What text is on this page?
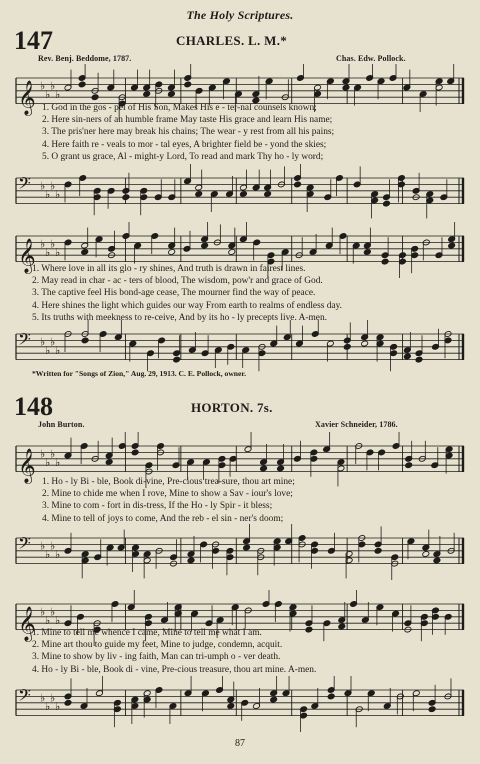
The Holy Scriptures.
147	CHARLES. L. M.*
Rev. Benj. Beddome, 1787.	Chas. Edw. Pollock.
𝄞 ♭
♭
♭
♭
1. God in the gos - pel of His Son, Makes His e - ter-nal counsels known;
2. Here sin-ners of an humble frame May taste His grace and learn His name;
3. The pris'ner here may break his chains; The wear - y rest from all his pains;
4. Here faith re - veals to mor - tal eyes, A brighter field be - yond the skies;
5. O grant us grace, Al - might-y Lord, To read and mark Thy ho - ly word;
𝄢 ♭
♭
♭
♭
𝄞 ♭
♭
♭
♭
1. Where love in all its glo - ry shines, And truth is drawn in fairest lines.
2. May read in char - ac - ters of blood, The wisdom, pow'r and grace of God.
3. The captive feel His bond-age cease, The mourner find the way of peace.
4. Here shines the light which guides our way From earth to realms of endless day.
5. Its truths with meekness to re-ceive, And by its ho - ly precepts live. A-men.
𝄢 ♭
♭
♭
♭
*Written for "Songs of Zion," Aug. 29, 1913. C. E. Pollock, owner.
148	HORTON. 7s.
John Burton.	Xavier Schneider, 1786.
𝄞 ♭
♭
♭
♭
1. Ho - ly Bi - ble, Book di-vine, Pre-cious trea-sure, thou art mine;
2. Mine to chide me when I rove, Mine to show a Sav - iour's love;
3. Mine to com - fort in dis-tress, If the Ho - ly Spir - it bless;
4. Mine to tell of joys to come, And the reb - el sin - ner's doom;
𝄢 ♭
♭
♭
♭
𝄞 ♭
♭
♭
♭
1. Mine to tell me whence I came, Mine to tell me what I am.
2. Mine art thou to guide my feet, Mine to judge, condemn, acquit.
3. Mine to show by liv - ing faith, Man can tri-umph o - ver death.
4. Ho - ly Bi - ble, Book di - vine, Pre-cious treasure, thou art mine. A-men.
𝄢 ♭
♭
♭
♭
87
